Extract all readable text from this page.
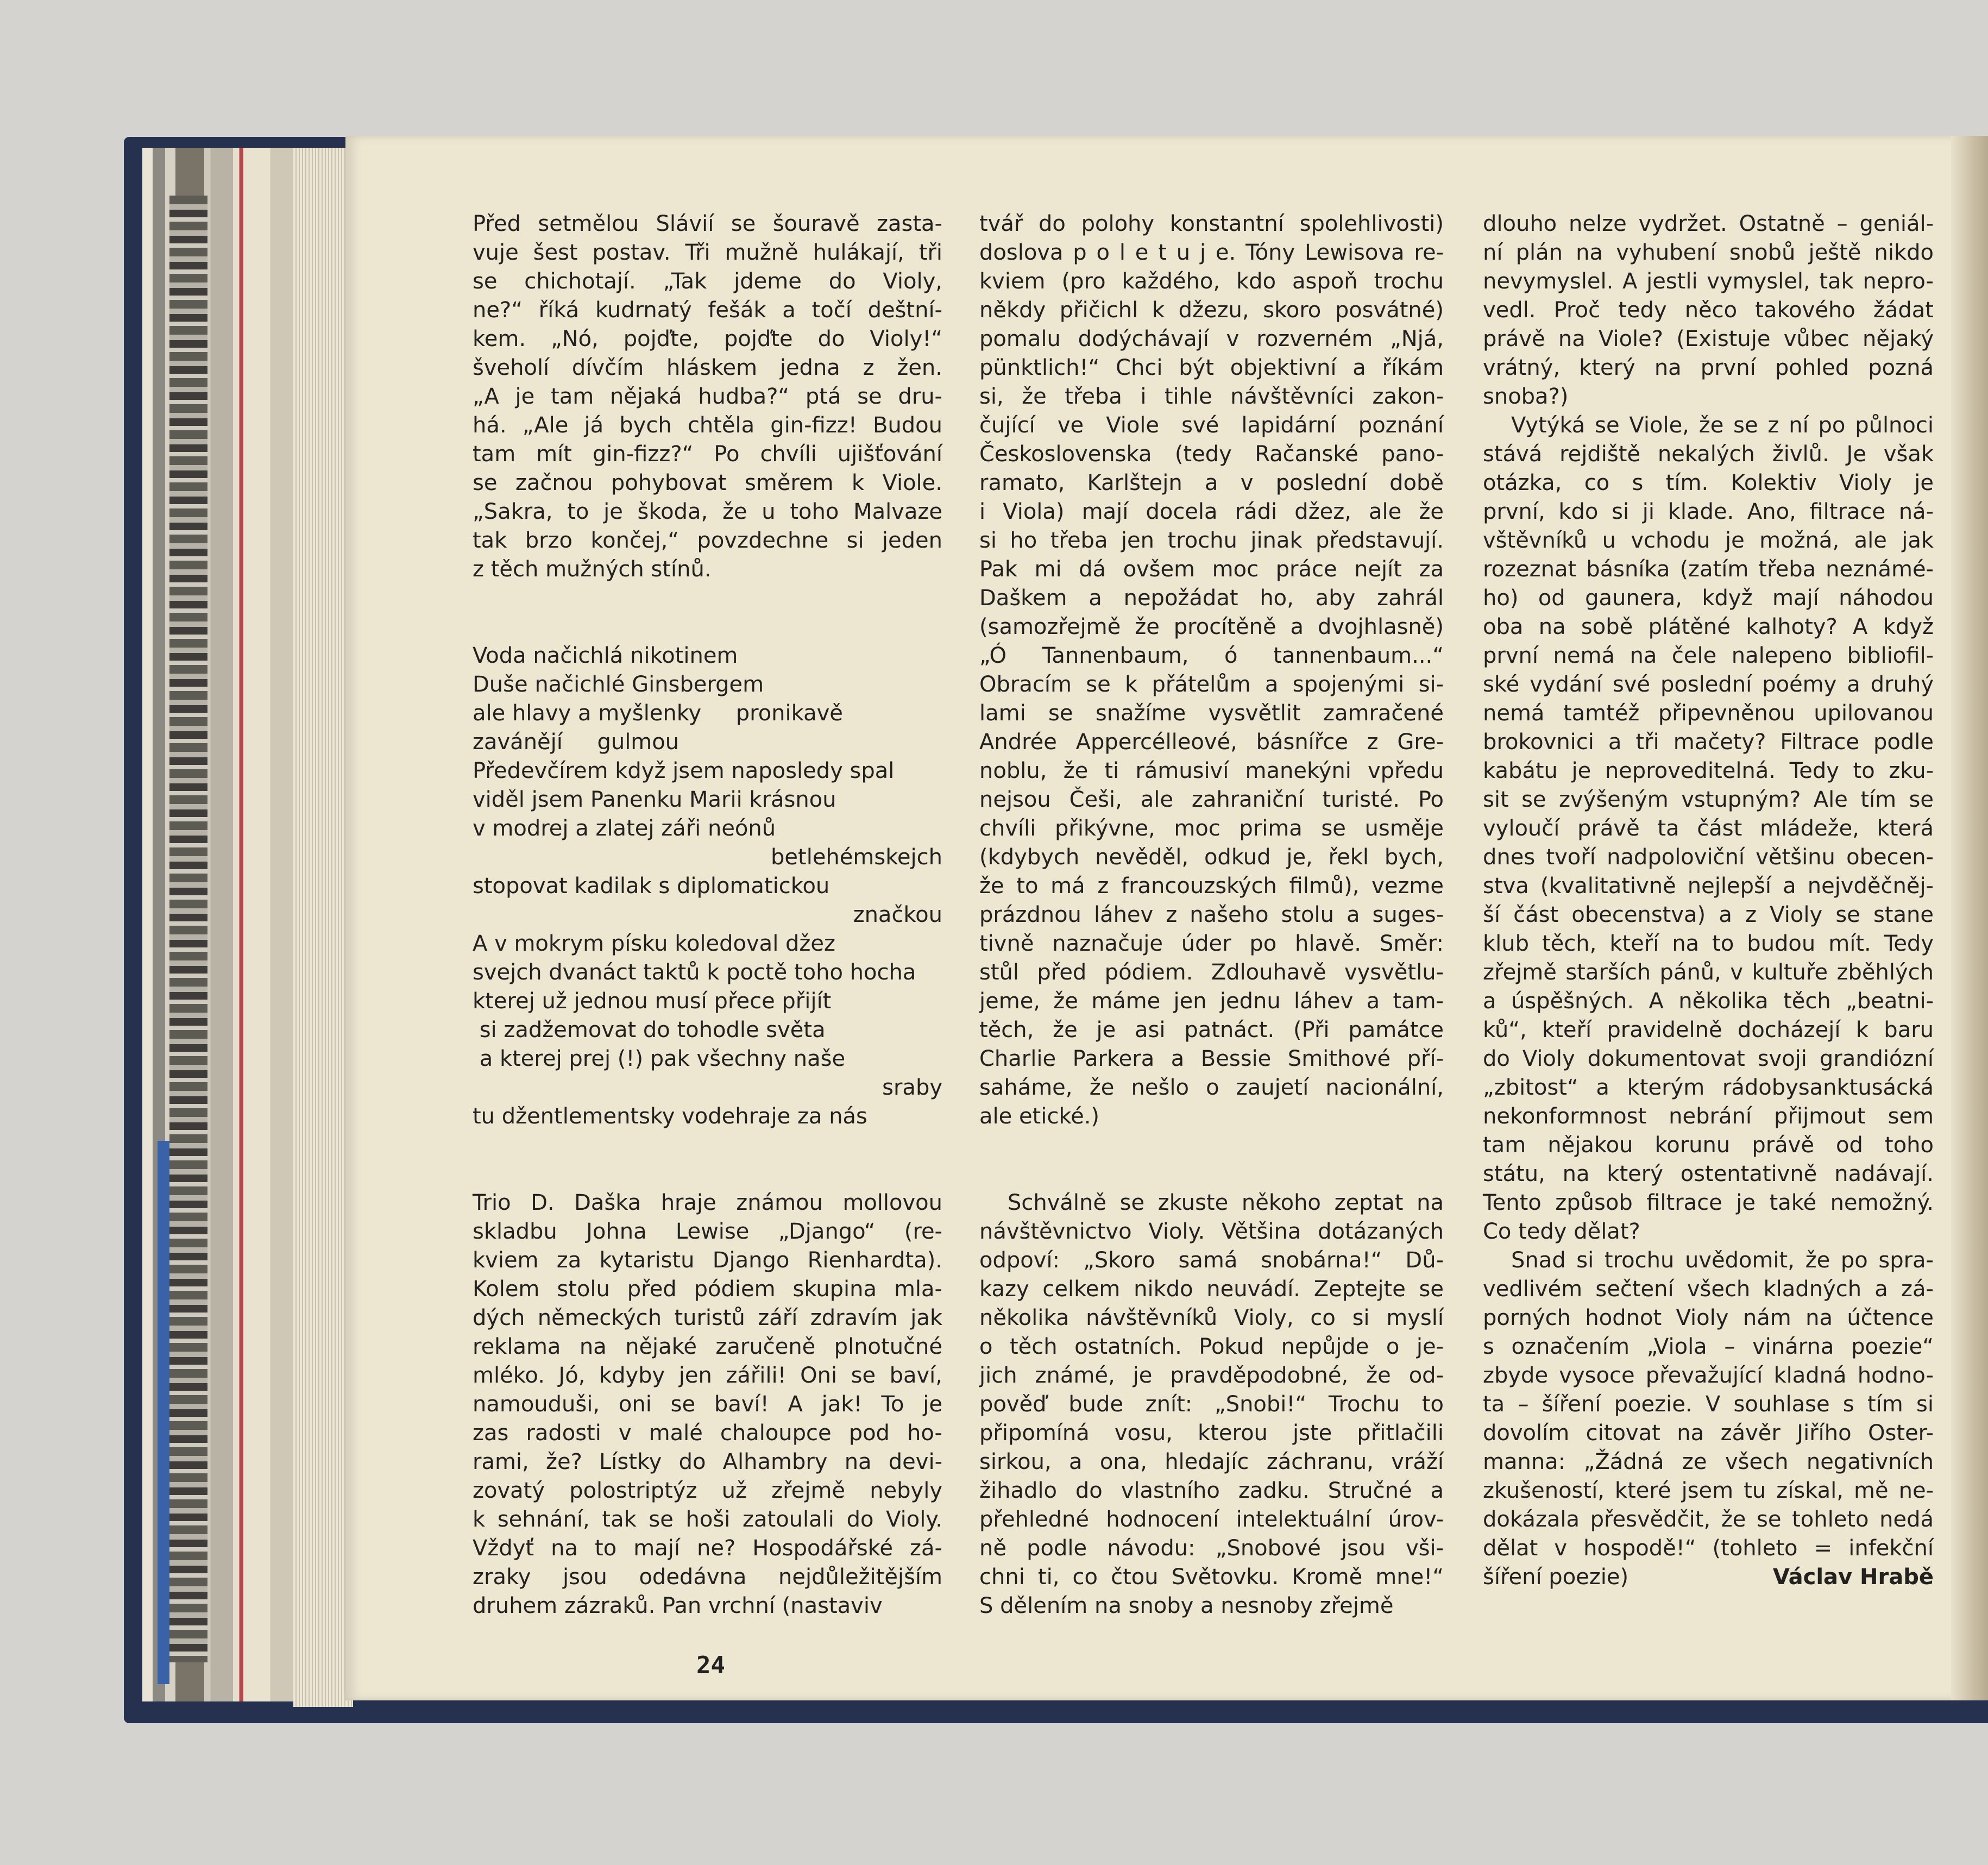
Před setmělou Slávií se šouravě zasta-
vuje šest postav. Tři mužně hulákají, tři
se chichotají. „Tak jdeme do Violy,
ne?“ říká kudrnatý fešák a točí deštní-
kem. „Nó, pojďte, pojďte do Violy!“
šveholí dívčím hláskem jedna z žen.
„A je tam nějaká hudba?“ ptá se dru-
há. „Ale já bych chtěla gin-fizz! Budou
tam mít gin-fizz?“ Po chvíli ujišťování
se začnou pohybovat směrem k Viole.
„Sakra, to je škoda, že u toho Malvaze
tak brzo končej,“ povzdechne si jeden
z těch mužných stínů.
Voda načichlá nikotinem
Duše načichlé Ginsbergem
ale hlavy a myšlenky     pronikavě
zavánějí     gulmou
Předevčírem když jsem naposledy spal
viděl jsem Panenku Marii krásnou
v modrej a zlatej záři neónů
betlehémskejch
stopovat kadilak s diplomatickou
značkou
A v mokrym písku koledoval džez
svejch dvanáct taktů k poctě toho hocha
kterej už jednou musí přece přijít
si zadžemovat do tohodle světa
a kterej prej (!) pak všechny naše
sraby
tu džentlementsky vodehraje za nás
Trio D. Daška hraje známou mollovou
skladbu Johna Lewise „Django“ (re-
kviem za kytaristu Django Rienhardta).
Kolem stolu před pódiem skupina mla-
dých německých turistů září zdravím jak
reklama na nějaké zaručeně plnotučné
mléko. Jó, kdyby jen zářili! Oni se baví,
namouduši, oni se baví! A jak! To je
zas radosti v malé chaloupce pod ho-
rami, že? Lístky do Alhambry na devi-
zovatý polostriptýz už zřejmě nebyly
k sehnání, tak se hoši zatoulali do Violy.
Vždyť na to mají ne? Hospodářské zá-
zraky jsou odedávna nejdůležitějším
druhem zázraků. Pan vrchní (nastaviv
tvář do polohy konstantní spolehlivosti)
doslova p o l e t u j e. Tóny Lewisova re-
kviem (pro každého, kdo aspoň trochu
někdy přičichl k džezu, skoro posvátné)
pomalu dodýchávají v rozverném „Njá,
pünktlich!“ Chci být objektivní a říkám
si, že třeba i tihle návštěvníci zakon-
čující ve Viole své lapidární poznání
Československa (tedy Račanské pano-
ramato, Karlštejn a v poslední době
i Viola) mají docela rádi džez, ale že
si ho třeba jen trochu jinak představují.
Pak mi dá ovšem moc práce nejít za
Daškem a nepožádat ho, aby zahrál
(samozřejmě že procítěně a dvojhlasně)
„Ó Tannenbaum, ó tannenbaum...“
Obracím se k přátelům a spojenými si-
lami se snažíme vysvětlit zamračené
Andrée Appercélleové, básnířce z Gre-
noblu, že ti rámusiví manekýni vpředu
nejsou Češi, ale zahraniční turisté. Po
chvíli přikývne, moc prima se usměje
(kdybych nevěděl, odkud je, řekl bych,
že to má z francouzských filmů), vezme
prázdnou láhev z našeho stolu a suges-
tivně naznačuje úder po hlavě. Směr:
stůl před pódiem. Zdlouhavě vysvětlu-
jeme, že máme jen jednu láhev a tam-
těch, že je asi patnáct. (Při památce
Charlie Parkera a Bessie Smithové pří-
saháme, že nešlo o zaujetí nacionální,
ale etické.)
Schválně se zkuste někoho zeptat na
návštěvnictvo Violy. Většina dotázaných
odpoví: „Skoro samá snobárna!“ Dů-
kazy celkem nikdo neuvádí. Zeptejte se
několika návštěvníků Violy, co si myslí
o těch ostatních. Pokud nepůjde o je-
jich známé, je pravděpodobné, že od-
pověď bude znít: „Snobi!“ Trochu to
připomíná vosu, kterou jste přitlačili
sirkou, a ona, hledajíc záchranu, vráží
žihadlo do vlastního zadku. Stručné a
přehledné hodnocení intelektuální úrov-
ně podle návodu: „Snobové jsou vši-
chni ti, co čtou Světovku. Kromě mne!“
S dělením na snoby a nesnoby zřejmě
dlouho nelze vydržet. Ostatně – geniál-
ní plán na vyhubení snobů ještě nikdo
nevymyslel. A jestli vymyslel, tak nepro-
vedl. Proč tedy něco takového žádat
právě na Viole? (Existuje vůbec nějaký
vrátný, který na první pohled pozná
snoba?)
Vytýká se Viole, že se z ní po půlnoci
stává rejdiště nekalých živlů. Je však
otázka, co s tím. Kolektiv Violy je
první, kdo si ji klade. Ano, filtrace ná-
vštěvníků u vchodu je možná, ale jak
rozeznat básníka (zatím třeba neznámé-
ho) od gaunera, když mají náhodou
oba na sobě plátěné kalhoty? A když
první nemá na čele nalepeno bibliofil-
ské vydání své poslední poémy a druhý
nemá tamtéž připevněnou upilovanou
brokovnici a tři mačety? Filtrace podle
kabátu je neproveditelná. Tedy to zku-
sit se zvýšeným vstupným? Ale tím se
vyloučí právě ta část mládeže, která
dnes tvoří nadpoloviční většinu obecen-
stva (kvalitativně nejlepší a nejvděčněj-
ší část obecenstva) a z Violy se stane
klub těch, kteří na to budou mít. Tedy
zřejmě starších pánů, v kultuře zběhlých
a úspěšných. A několika těch „beatni-
ků“, kteří pravidelně docházejí k baru
do Violy dokumentovat svoji grandiózní
„zbitost“ a kterým rádobysanktusácká
nekonformnost nebrání přijmout sem
tam nějakou korunu právě od toho
státu, na který ostentativně nadávají.
Tento způsob filtrace je také nemožný.
Co tedy dělat?
Snad si trochu uvědomit, že po spra-
vedlivém sečtení všech kladných a zá-
porných hodnot Violy nám na účtence
s označením „Viola – vinárna poezie“
zbyde vysoce převažující kladná hodno-
ta – šíření poezie. V souhlase s tím si
dovolím citovat na závěr Jiřího Oster-
manna: „Žádná ze všech negativních
zkušeností, které jsem tu získal, mě ne-
dokázala přesvědčit, že se tohleto nedá
dělat v hospodě!“ (tohleto = infekční
šíření poezie)	Václav Hrabě
24
